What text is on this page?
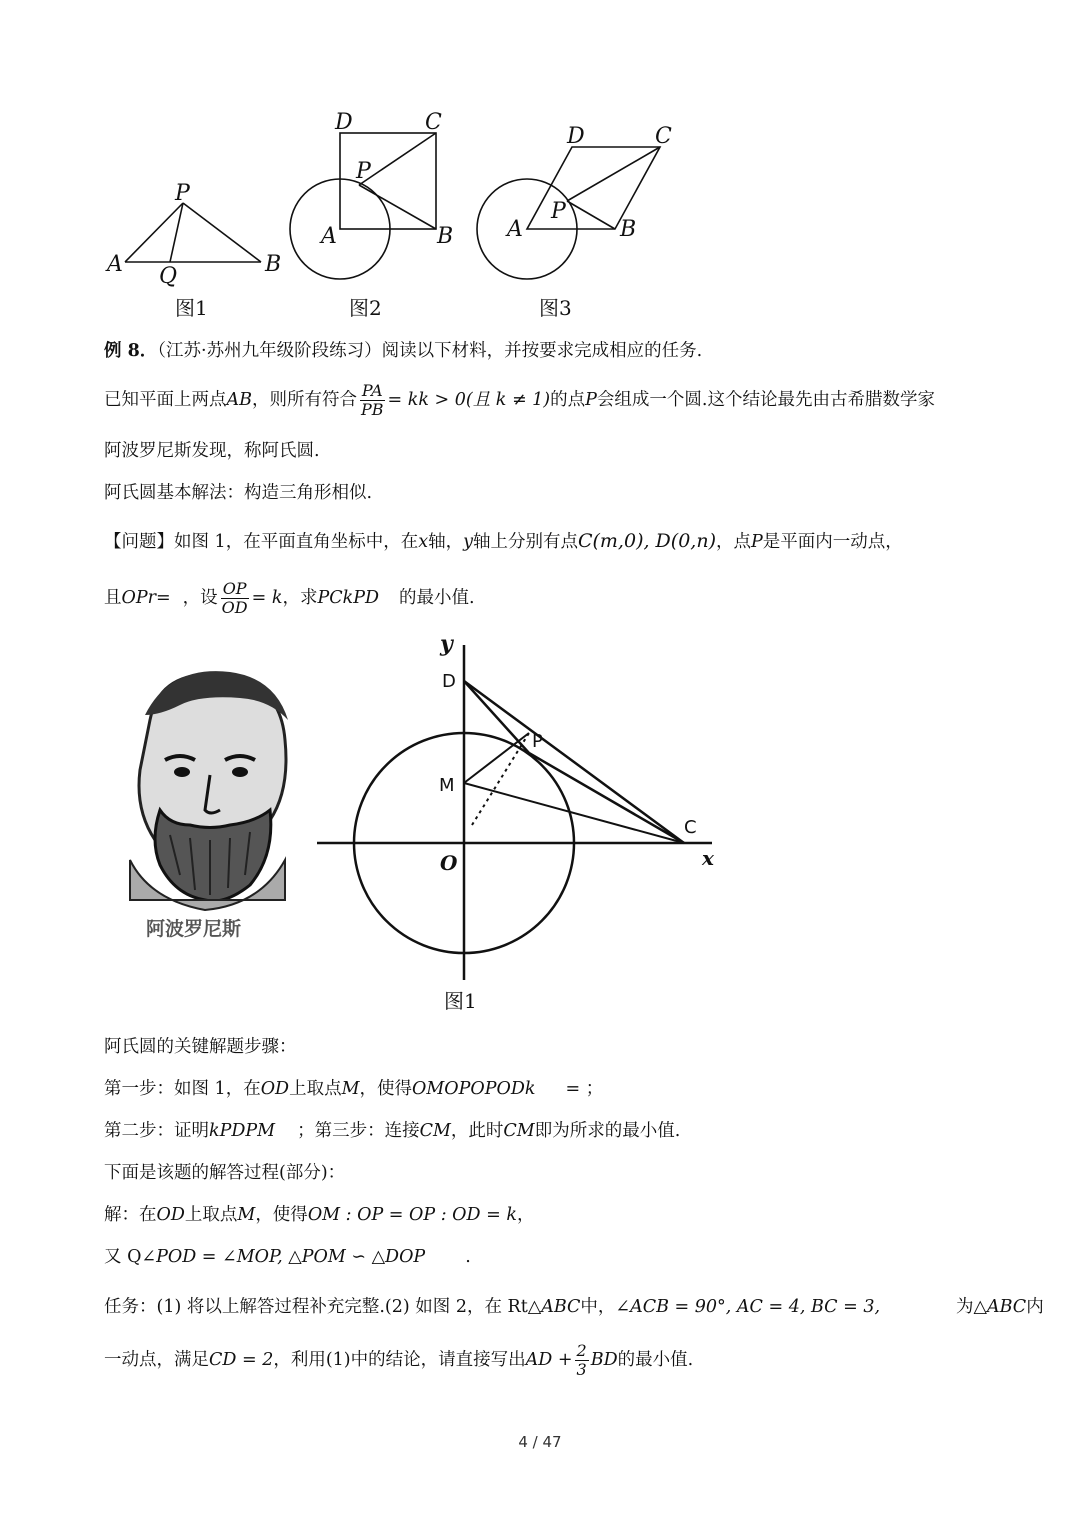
P
A Q	B
图1
D	C
P
A	B
图2
D	C
P
A	B
图3
例 8．（江苏·苏州九年级阶段练习）阅读以下材料，并按要求完成相应的任务.
已知平面上两点AB，则所有符合 $\frac{PA}{PB}$ = kk > 0(且 k ≠ 1)的点P会组成一个圆.这个结论最先由古希腊数学家
阿波罗尼斯发现，称阿氏圆.
阿氏圆基本解法：构造三角形相似.
【问题】如图 1，在平面直角坐标中，在x轴，y轴上分别有点C(m,0), D(0,n)，点P是平面内一动点，
且OPr= ，设 $\frac{OP}{OD} = k$，求PCkPD 的最小值.
阿波罗尼斯
y
D
P
M
C
O	x
图1
阿氏圆的关键解题步骤：
第一步：如图 1，在OD上取点M，使得OMOPOPODk = ；
第二步：证明kPDPM ；第三步：连接CM，此时CM即为所求的最小值.
下面是该题的解答过程(部分)：
解：在OD上取点M，使得OM : OP = OP : OD = k，
又 Q∠POD = ∠MOP, △POM ∽ △DOP .
任务：(1) 将以上解答过程补充完整.(2) 如图 2，在 Rt△ABC中，∠ACB = 90°, AC = 4, BC = 3,	为△ABC内
一动点，满足CD = 2，利用(1)中的结论，请直接写出AD + $\frac{2}{3}$ BD的最小值.
4 / 47
